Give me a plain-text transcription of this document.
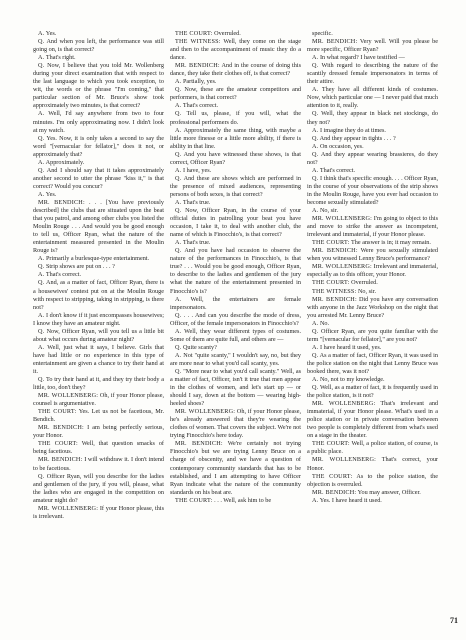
A. Yes.

Q. And when you left, the performance was still going on, is that correct?

A. That's right.

Q. Now, I believe that you told Mr. Wollenberg during your direct examination that with respect to the last language to which you took exception, to wit, the words or the phrase "I'm coming," that particular section of Mr. Bruce's show took approximately two minutes, is that correct?

A. Well, I'd say anywhere from two to four minutes. I'm only approximating now. I didn't look at my watch.

Q. Yes. Now, it is only takes a second to say the word "[vernacular for fellator]," does it not, or approximately that?

A. Approximately.

Q. And I should say that it takes approximately another second to utter the phrase "kiss it," is that correct? Would you concur?

A. Yes.

MR. BENDICH: . . . [You have previously described] the clubs that are situated upon the beat that you patrol, and among other clubs you listed the Moulin Rouge . . . And would you be good enough to tell us, Officer Ryan, what the nature of the entertainment measured presented in the Moulin Rouge is?

A. Primarily a burlesque-type entertainment.

Q. Strip shows are put on . . . ?

A. That's correct.

Q. And, as a matter of fact, Officer Ryan, there is a housewives' contest put on at the Moulin Rouge with respect to stripping, taking in stripping, is there not?

A. I don't know if it just encompasses housewives; I know they have an amateur night.

Q. Now, Officer Ryan, will you tell us a little bit about what occurs during amateur night?

A. Well, just what it says, I believe. Girls that have had little or no experience in this type of entertainment are given a chance to try their hand at it.

Q. To try their hand at it, and they try their body a little, too, don't they?

MR. WOLLENBERG: Oh, if your Honor please, counsel is argumentative.

THE COURT: Yes. Let us not be facetious, Mr. Bendich.

MR. BENDICH: I am being perfectly serious, your Honor.

THE COURT: Well, that question smacks of being facetious.

MR. BENDICH: I will withdraw it. I don't intend to be facetious.

Q. Officer Ryan, will you describe for the ladies and gentlemen of the jury, if you will, please, what the ladies who are engaged in the competition on amateur night do?

MR. WOLLENBERG: If your Honor please, this is irrelevant.

THE COURT: Overruled.

THE WITNESS: Well, they come on the stage and then to the accompaniment of music they do a dance.

MR. BENDICH: And in the course of doing this dance, they take their clothes off, is that correct?

A. Partially, yes.

Q. Now, these are the amateur competitors and performers, is that correct?

A. That's correct.

Q. Tell us, please, if you will, what the professional performers do.

A. Approximately the same thing, with maybe a little more finesse or a little more ability, if there is ability in that line.

Q. And you have witnessed these shows, is that correct, Officer Ryan?

A. I have, yes.

Q. And these are shows which are performed in the presence of mixed audiences, representing persons of both sexes, is that correct?

A. That's true.

Q. Now, Officer Ryan, in the course of your official duties in patrolling your beat you have occasion, I take it, to deal with another club, the name of which is Finocchio's, is that correct?

A. That's true.

Q. And you have had occasion to observe the nature of the performances in Finocchio's, is that true? . . . Would you be good enough, Officer Ryan, to describe to the ladies and gentlemen of the jury what the nature of the entertainment presented in Finocchio's is?

A. Well, the entertainers are female impersonators.

Q. . . . And can you describe the mode of dress, Officer, of the female impersonators in Finocchio's?

A. Well, they wear different types of costumes. Some of them are quite full, and others are —

Q. Quite scanty?

A. Not "quite scanty," I wouldn't say, no, but they are more near to what you'd call scanty, yes.

Q. "More near to what you'd call scanty." Well, as a matter of fact, Officer, isn't it true that men appear in the clothes of women, and let's start up — or should I say, down at the bottom — wearing high-heeled shoes?

MR. WOLLENBERG: Oh, if your Honor please, he's already answered that they're wearing the clothes of women. That covers the subject. We're not trying Finocchio's here today.

MR. BENDICH: We're certainly not trying Finocchio's but we are trying Lenny Bruce on a charge of obscenity, and we have a question of contemporary community standards that has to be established, and I am attempting to have Officer Ryan indicate what the nature of the community standards on his beat are.

THE COURT: . . . Well, ask him to be

specific.

MR. BENDICH: Very well. Will you please be more specific, Officer Ryan?

A. In what regard? I have testified —

Q. With regard to describing the nature of the scantily dressed female impersonators in terms of their attire.

A. They have all different kinds of costumes. Now, which particular one — I never paid that much attention to it, really.

Q. Well, they appear in black net stockings, do they not?

A. I imagine they do at times.

Q. And they appear in tights . . . ?

A. On occasion, yes.

Q. And they appear wearing brassieres, do they not?

A. That's correct.

Q. I think that's specific enough. . . . Officer Ryan, in the course of your observations of the strip shows in the Moulin Rouge, have you ever had occasion to become sexually stimulated?

A. No, sir.

MR. WOLLENBERG: I'm going to object to this and move to strike the answer as incompetent, irrelevant and immaterial, if your Honor please.

THE COURT: The answer is in; it may remain.

MR. BENDICH: Were you sexually stimulated when you witnessed Lenny Bruce's performance?

MR. WOLLENBERG: Irrelevant and immaterial, especially as to this officer, your Honor.

THE COURT: Overruled.

THE WITNESS: No, sir.

MR. BENDICH: Did you have any conversation with anyone in the Jazz Workshop on the night that you arrested Mr. Lenny Bruce?

A. No.

Q. Officer Ryan, are you quite familiar with the term "[vernacular for fellator]," are you not?

A. I have heard it used, yes.

Q. As a matter of fact, Officer Ryan, it was used in the police station on the night that Lenny Bruce was booked there, was it not?

A. No, not to my knowledge.

Q. Well, as a matter of fact, it is frequently used in the police station, is it not?

MR. WOLLENBERG: That's irrelevant and immaterial, if your Honor please. What's used in a police station or in private conversation between two people is completely different from what's used on a stage in the theater.

THE COURT: Well, a police station, of course, is a public place.

MR. WOLLENBERG: That's correct, your Honor.

THE COURT: As to the police station, the objection is overruled.

MR. BENDICH: You may answer, Officer.

A. Yes. I have heard it used.

71
